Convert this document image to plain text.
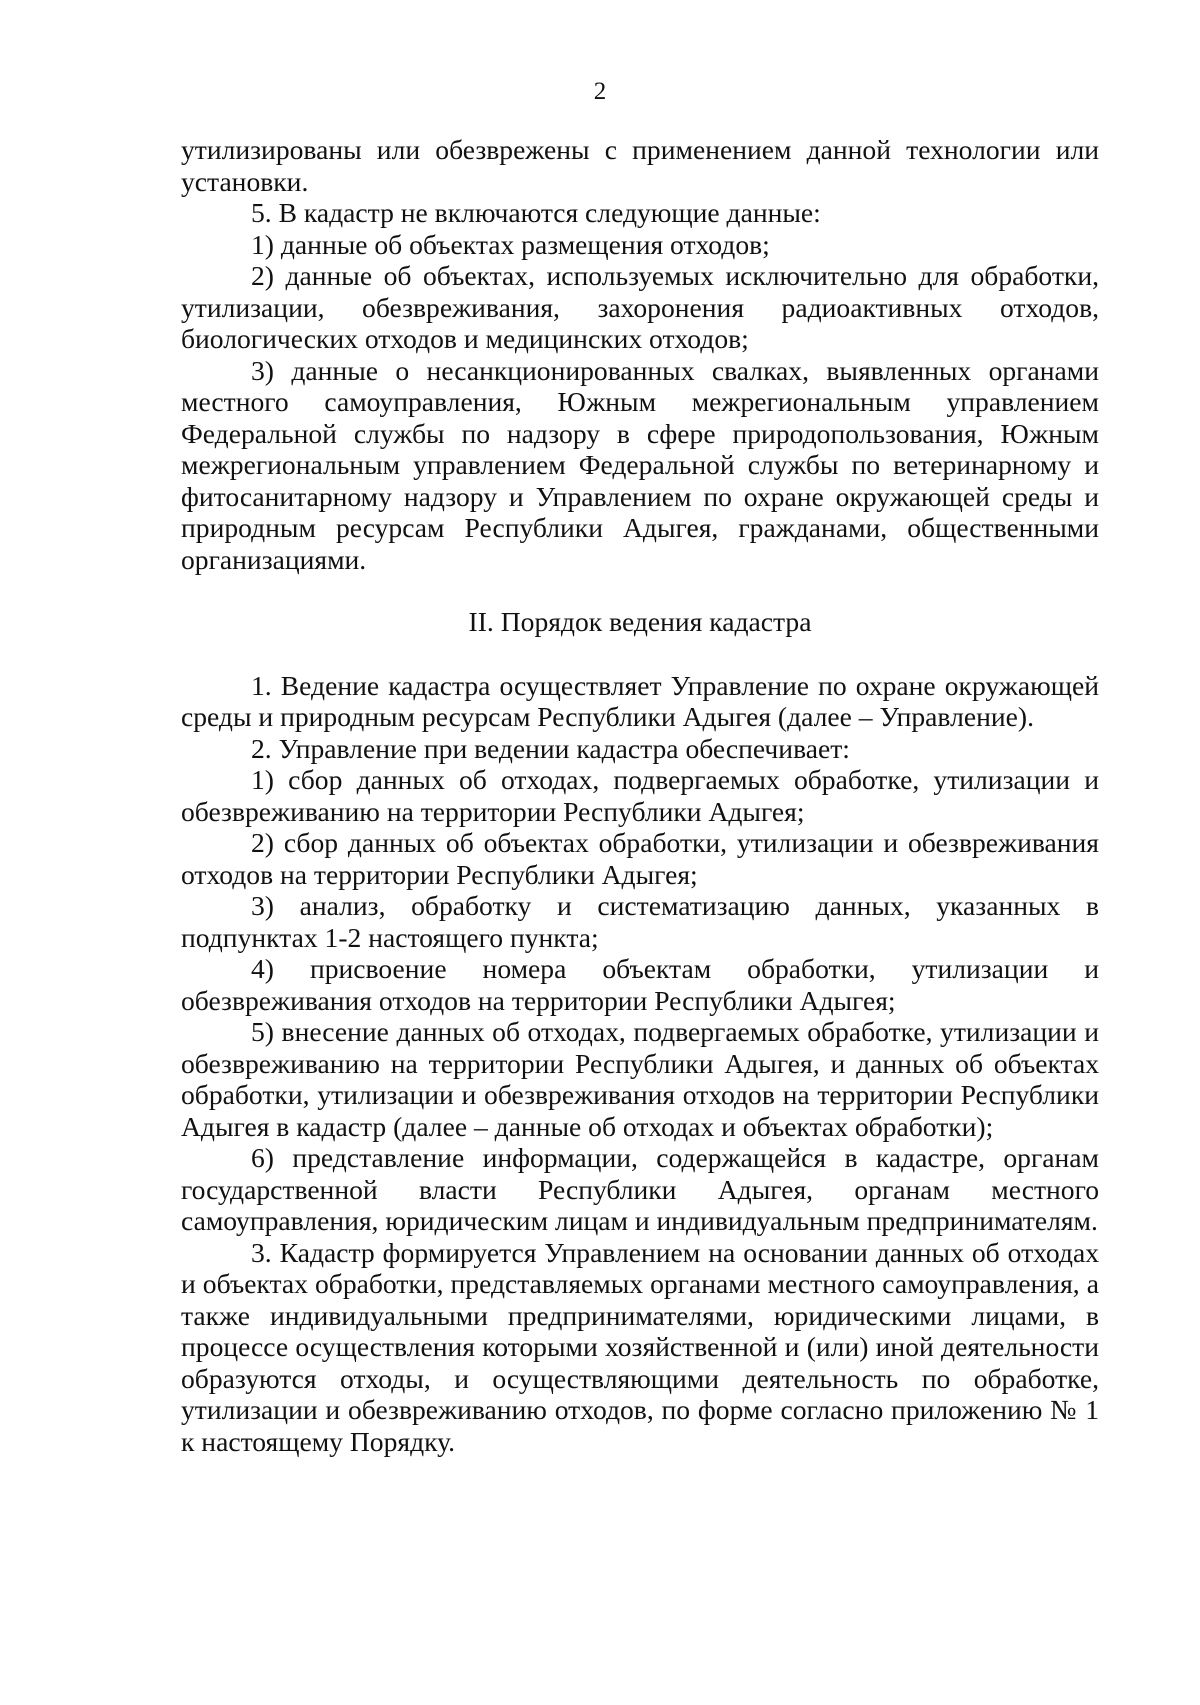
2

утилизированы или обезврежены с применением данной технологии или установки.

5. В кадастр не включаются следующие данные:

1) данные об объектах размещения отходов;

2) данные об объектах, используемых исключительно для обработки, утилизации, обезвреживания, захоронения радиоактивных отходов, биологических отходов и медицинских отходов;

3) данные о несанкционированных свалках, выявленных органами местного самоуправления, Южным межрегиональным управлением Федеральной службы по надзору в сфере природопользования, Южным межрегиональным управлением Федеральной службы по ветеринарному и фитосанитарному надзору и Управлением по охране окружающей среды и природным ресурсам Республики Адыгея, гражданами, общественными организациями.

II. Порядок ведения кадастра

1. Ведение кадастра осуществляет Управление по охране окружающей среды и природным ресурсам Республики Адыгея (далее – Управление).

2. Управление при ведении кадастра обеспечивает:

1) сбор данных об отходах, подвергаемых обработке, утилизации и обезвреживанию на территории Республики Адыгея;

2) сбор данных об объектах обработки, утилизации и обезвреживания отходов на территории Республики Адыгея;

3) анализ, обработку и систематизацию данных, указанных в подпунктах 1-2 настоящего пункта;

4) присвоение номера объектам обработки, утилизации и обезвреживания отходов на территории Республики Адыгея;

5) внесение данных об отходах, подвергаемых обработке, утилизации и обезвреживанию на территории Республики Адыгея, и данных об объектах обработки, утилизации и обезвреживания отходов на территории Республики Адыгея в кадастр (далее – данные об отходах и объектах обработки);

6) представление информации, содержащейся в кадастре, органам государственной власти Республики Адыгея, органам местного самоуправления, юридическим лицам и индивидуальным предпринимателям.

3. Кадастр формируется Управлением на основании данных об отходах и объектах обработки, представляемых органами местного самоуправления, а также индивидуальными предпринимателями, юридическими лицами, в процессе осуществления которыми хозяйственной и (или) иной деятельности образуются отходы, и осуществляющими деятельность по обработке, утилизации и обезвреживанию отходов, по форме согласно приложению № 1 к настоящему Порядку.
